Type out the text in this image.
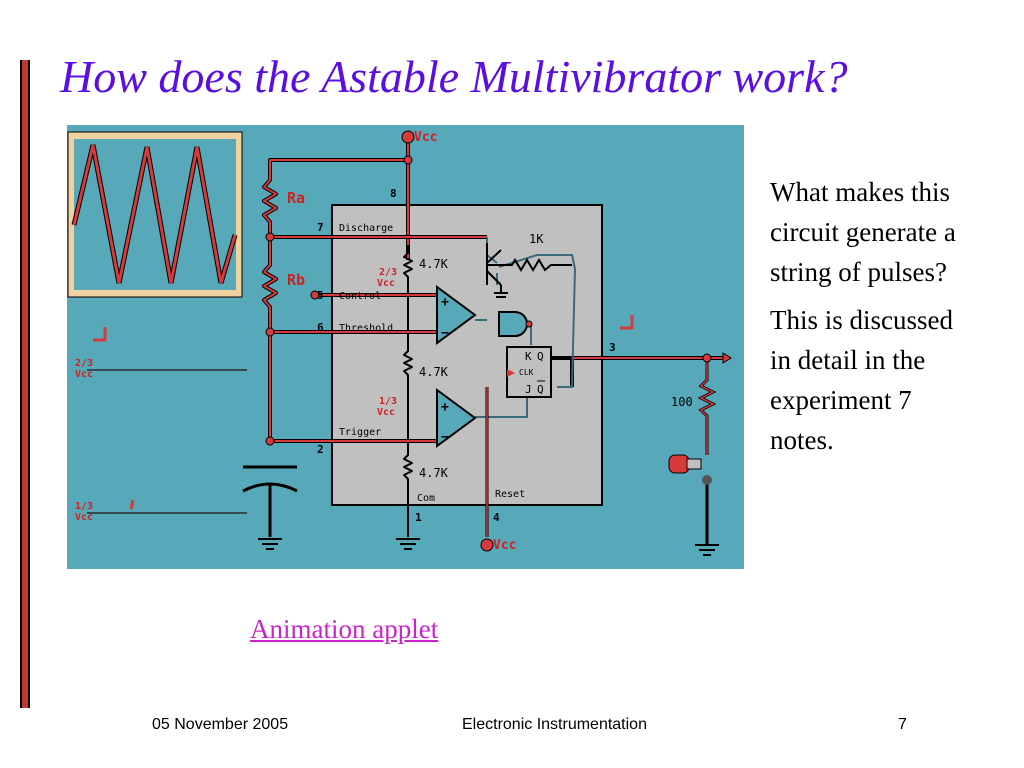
How does the Astable Multivibrator work?
Vcc
Vcc
Ra
Rb	2/3
Vcc
1/3
Vcc
2/3
Vcc
1/3
Vcc
8
7
5
6
2
1	4
3
Discharge
Control
Threshold
Trigger
Com	Reset
4.7K
4.7K
4.7K
1K
100
+
−
+
−
K Q
CLK
J Q

What makes this circuit generate a string of pulses?

This is discussed in detail in the experiment 7 notes.

Animation applet
05 November 2005	Electronic Instrumentation	7
